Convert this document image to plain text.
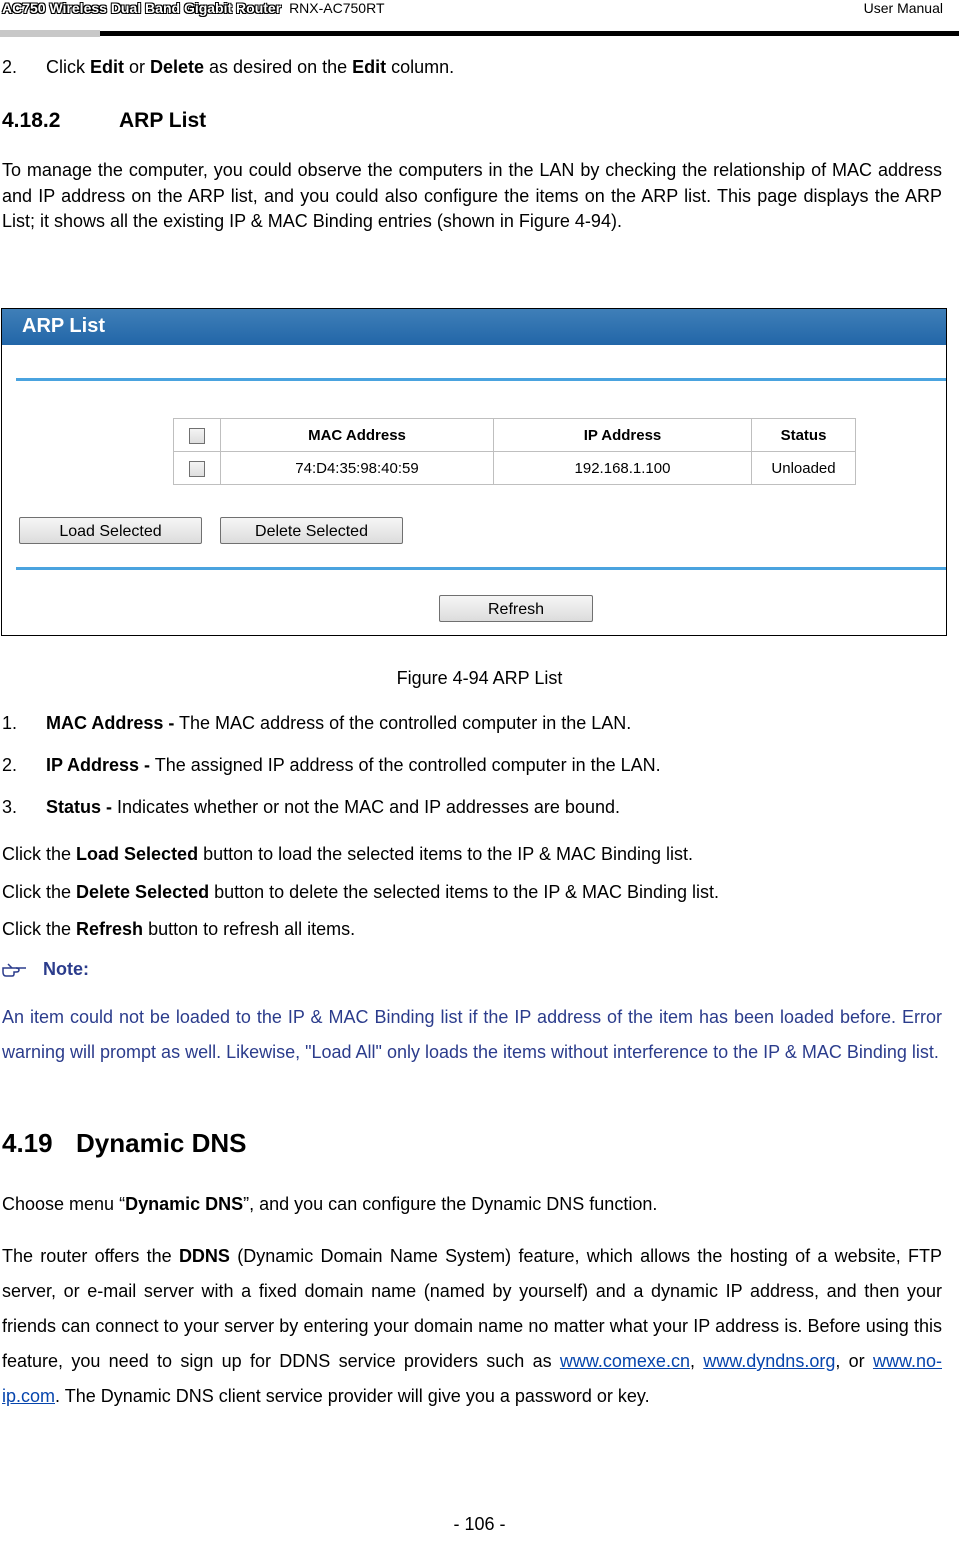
AC750 Wireless Dual Band Gigabit Router RNX-AC750RT	User Manual
2. Click Edit or Delete as desired on the Edit column.
4.18.2	ARP List
To manage the computer, you could observe the computers in the LAN by checking the relationship of MAC address and IP address on the ARP list, and you could also configure the items on the ARP list. This page displays the ARP List; it shows all the existing IP & MAC Binding entries (shown in Figure 4-94).
ARP List
	MAC Address	IP Address	Status
	74:D4:35:98:40:59	192.168.1.100	Unloaded
Load Selected	Delete Selected
Refresh
Figure 4-94 ARP List
1. MAC Address - The MAC address of the controlled computer in the LAN.
2. IP Address - The assigned IP address of the controlled computer in the LAN.
3. Status - Indicates whether or not the MAC and IP addresses are bound.
Click the Load Selected button to load the selected items to the IP & MAC Binding list.
Click the Delete Selected button to delete the selected items to the IP & MAC Binding list.
Click the Refresh button to refresh all items.
Note:
An item could not be loaded to the IP & MAC Binding list if the IP address of the item has been loaded before. Error warning will prompt as well. Likewise, "Load All" only loads the items without interference to the IP & MAC Binding list.
4.19 Dynamic DNS
Choose menu “Dynamic DNS”, and you can configure the Dynamic DNS function.
The router offers the DDNS (Dynamic Domain Name System) feature, which allows the hosting of a website, FTP server, or e-mail server with a fixed domain name (named by yourself) and a dynamic IP address, and then your friends can connect to your server by entering your domain name no matter what your IP address is. Before using this feature, you need to sign up for DDNS service providers such as www.comexe.cn, www.dyndns.org, or www.no-ip.com. The Dynamic DNS client service provider will give you a password or key.
- 106 -
